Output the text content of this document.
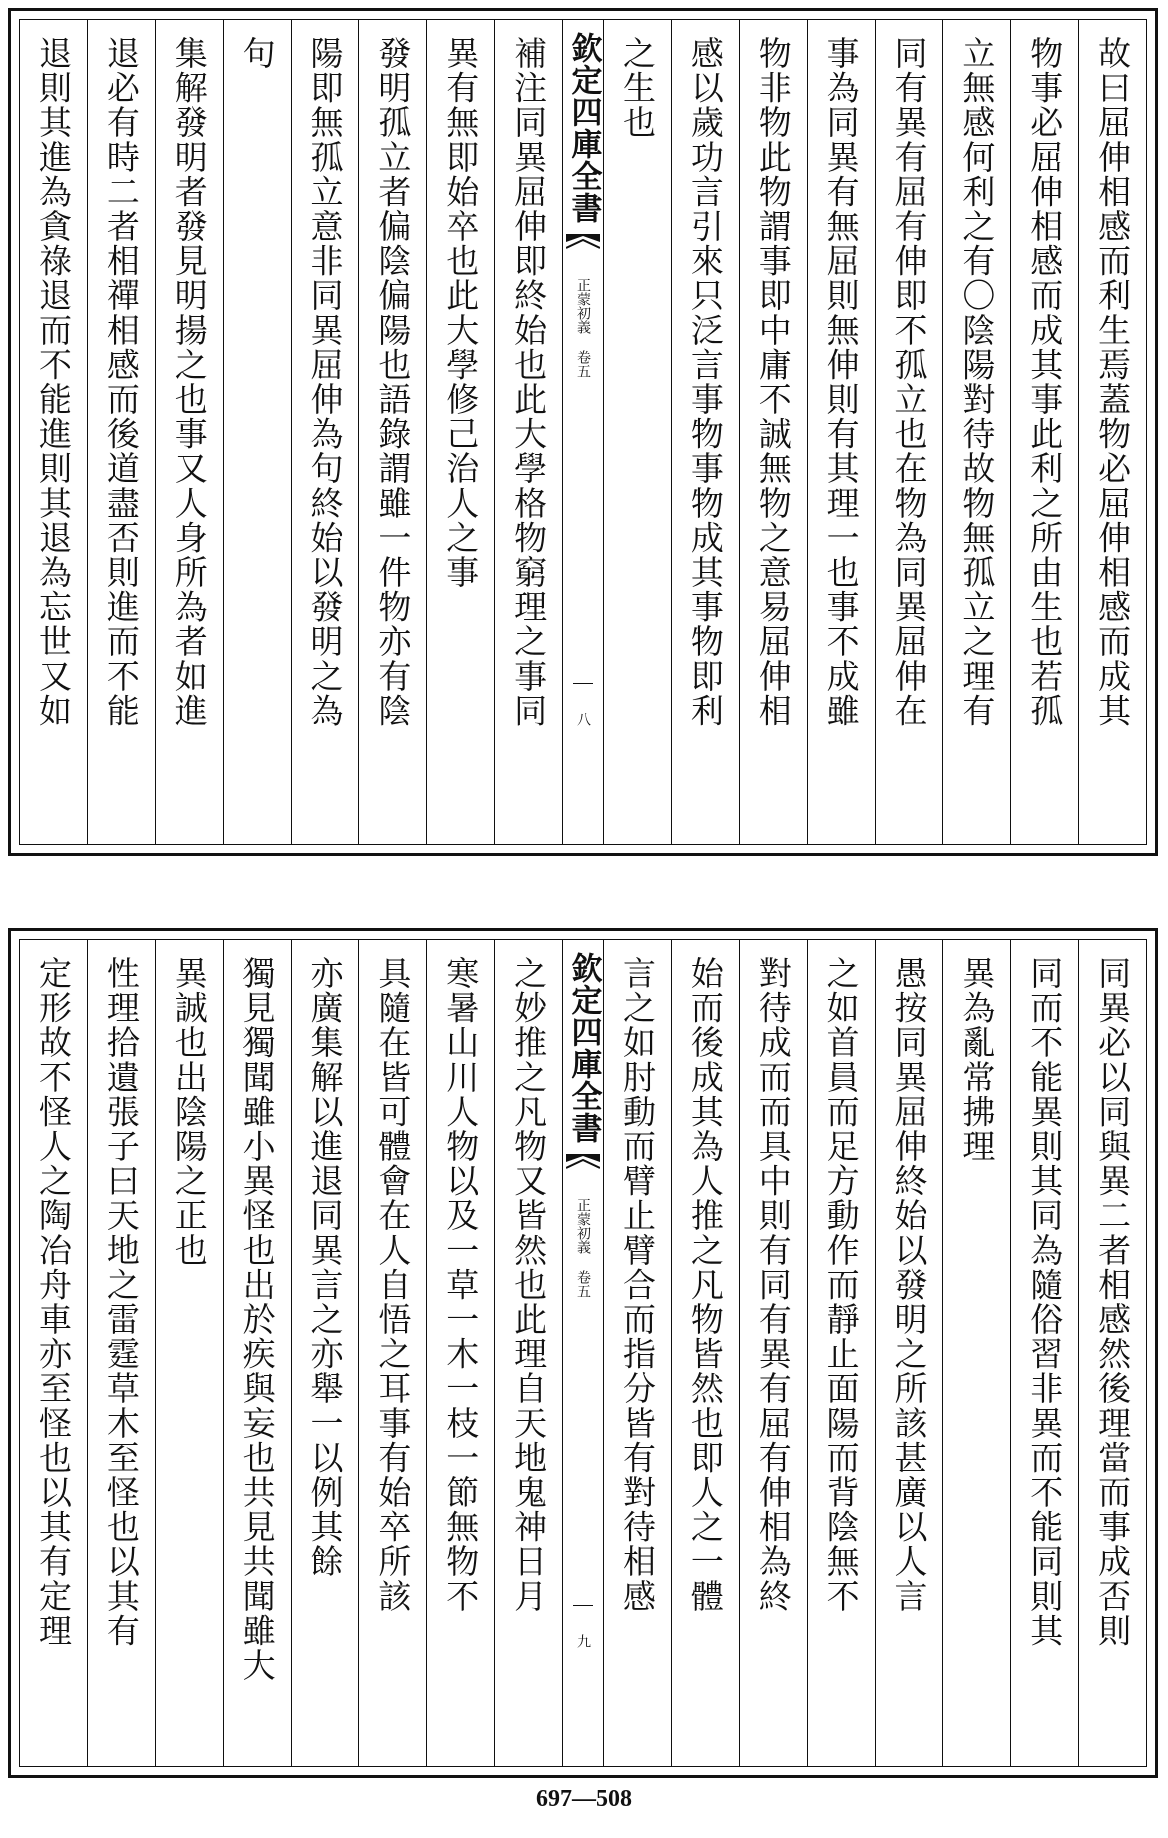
故曰屈伸相感而利生焉蓋物必屈伸相感而成其
物事必屈伸相感而成其事此利之所由生也若孤
立無感何利之有〇陰陽對待故物無孤立之理有
同有異有屈有伸即不孤立也在物為同異屈伸在
事為同異有無屈則無伸則有其理一也事不成雖
物非物此物謂事即中庸不誠無物之意易屈伸相
感以歲功言引來只泛言事物事物成其事物即利
之生也
欽定四庫全書
正蒙初義 卷五
八
補注同異屈伸即終始也此大學格物窮理之事同
異有無即始卒也此大學修己治人之事
發明孤立者偏陰偏陽也語錄謂雖一件物亦有陰
陽即無孤立意非同異屈伸為句終始以發明之為
句
集解發明者發見明揚之也事又人身所為者如進
退必有時二者相禪相感而後道盡否則進而不能
退則其進為貪祿退而不能進則其退為忘世又如
同異必以同與異二者相感然後理當而事成否則
同而不能異則其同為隨俗習非異而不能同則其
異為亂常拂理
愚按同異屈伸終始以發明之所該甚廣以人言
之如首員而足方動作而靜止面陽而背陰無不
對待成而而具中則有同有異有屈有伸相為終
始而後成其為人推之凡物皆然也即人之一體
言之如肘動而臂止臂合而指分皆有對待相感
欽定四庫全書
正蒙初義 卷五
九
之妙推之凡物又皆然也此理自天地鬼神日月
寒暑山川人物以及一草一木一枝一節無物不
具隨在皆可體會在人自悟之耳事有始卒所該
亦廣集解以進退同異言之亦舉一以例其餘
獨見獨聞雖小異怪也出於疾與妄也共見共聞雖大
異誠也出陰陽之正也
性理拾遺張子曰天地之雷霆草木至怪也以其有
定形故不怪人之陶冶舟車亦至怪也以其有定理
697—508
